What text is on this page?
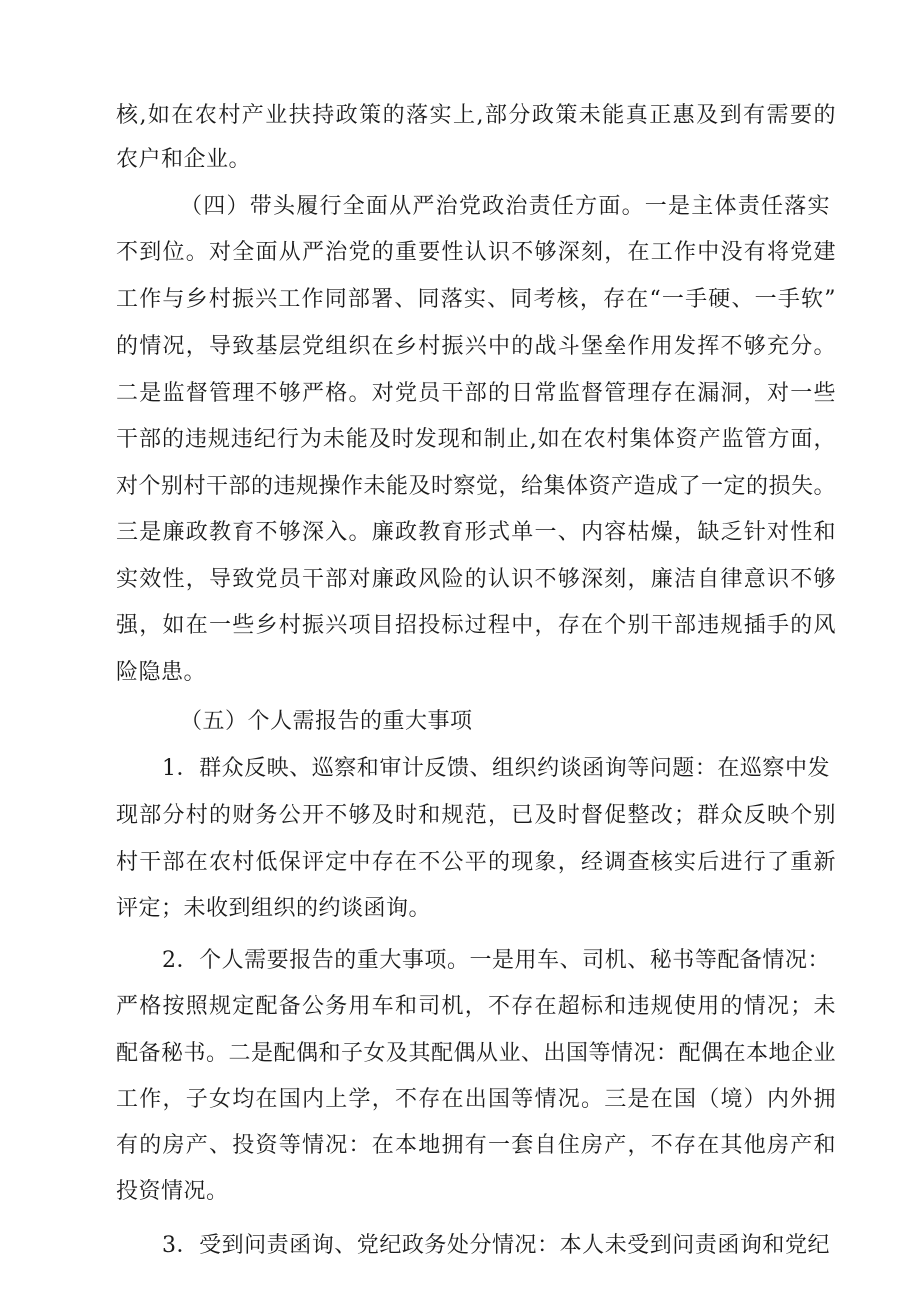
核,如在农村产业扶持政策的落实上,部分政策未能真正惠及到有需要的
农户和企业。
（四）带头履行全面从严治党政治责任方面。一是主体责任落实
不到位。对全面从严治党的重要性认识不够深刻，在工作中没有将党建
工作与乡村振兴工作同部署、同落实、同考核，存在“一手硬、一手软”
的情况，导致基层党组织在乡村振兴中的战斗堡垒作用发挥不够充分。
二是监督管理不够严格。对党员干部的日常监督管理存在漏洞，对一些
干部的违规违纪行为未能及时发现和制止,如在农村集体资产监管方面，
对个别村干部的违规操作未能及时察觉，给集体资产造成了一定的损失。
三是廉政教育不够深入。廉政教育形式单一、内容枯燥，缺乏针对性和
实效性，导致党员干部对廉政风险的认识不够深刻，廉洁自律意识不够
强，如在一些乡村振兴项目招投标过程中，存在个别干部违规插手的风
险隐患。
（五）个人需报告的重大事项
1．群众反映、巡察和审计反馈、组织约谈函询等问题：在巡察中发
现部分村的财务公开不够及时和规范，已及时督促整改；群众反映个别
村干部在农村低保评定中存在不公平的现象，经调查核实后进行了重新
评定；未收到组织的约谈函询。
2．个人需要报告的重大事项。一是用车、司机、秘书等配备情况：
严格按照规定配备公务用车和司机，不存在超标和违规使用的情况；未
配备秘书。二是配偶和子女及其配偶从业、出国等情况：配偶在本地企业
工作，子女均在国内上学，不存在出国等情况。三是在国（境）内外拥
有的房产、投资等情况：在本地拥有一套自住房产，不存在其他房产和
投资情况。
3．受到问责函询、党纪政务处分情况：本人未受到问责函询和党纪
